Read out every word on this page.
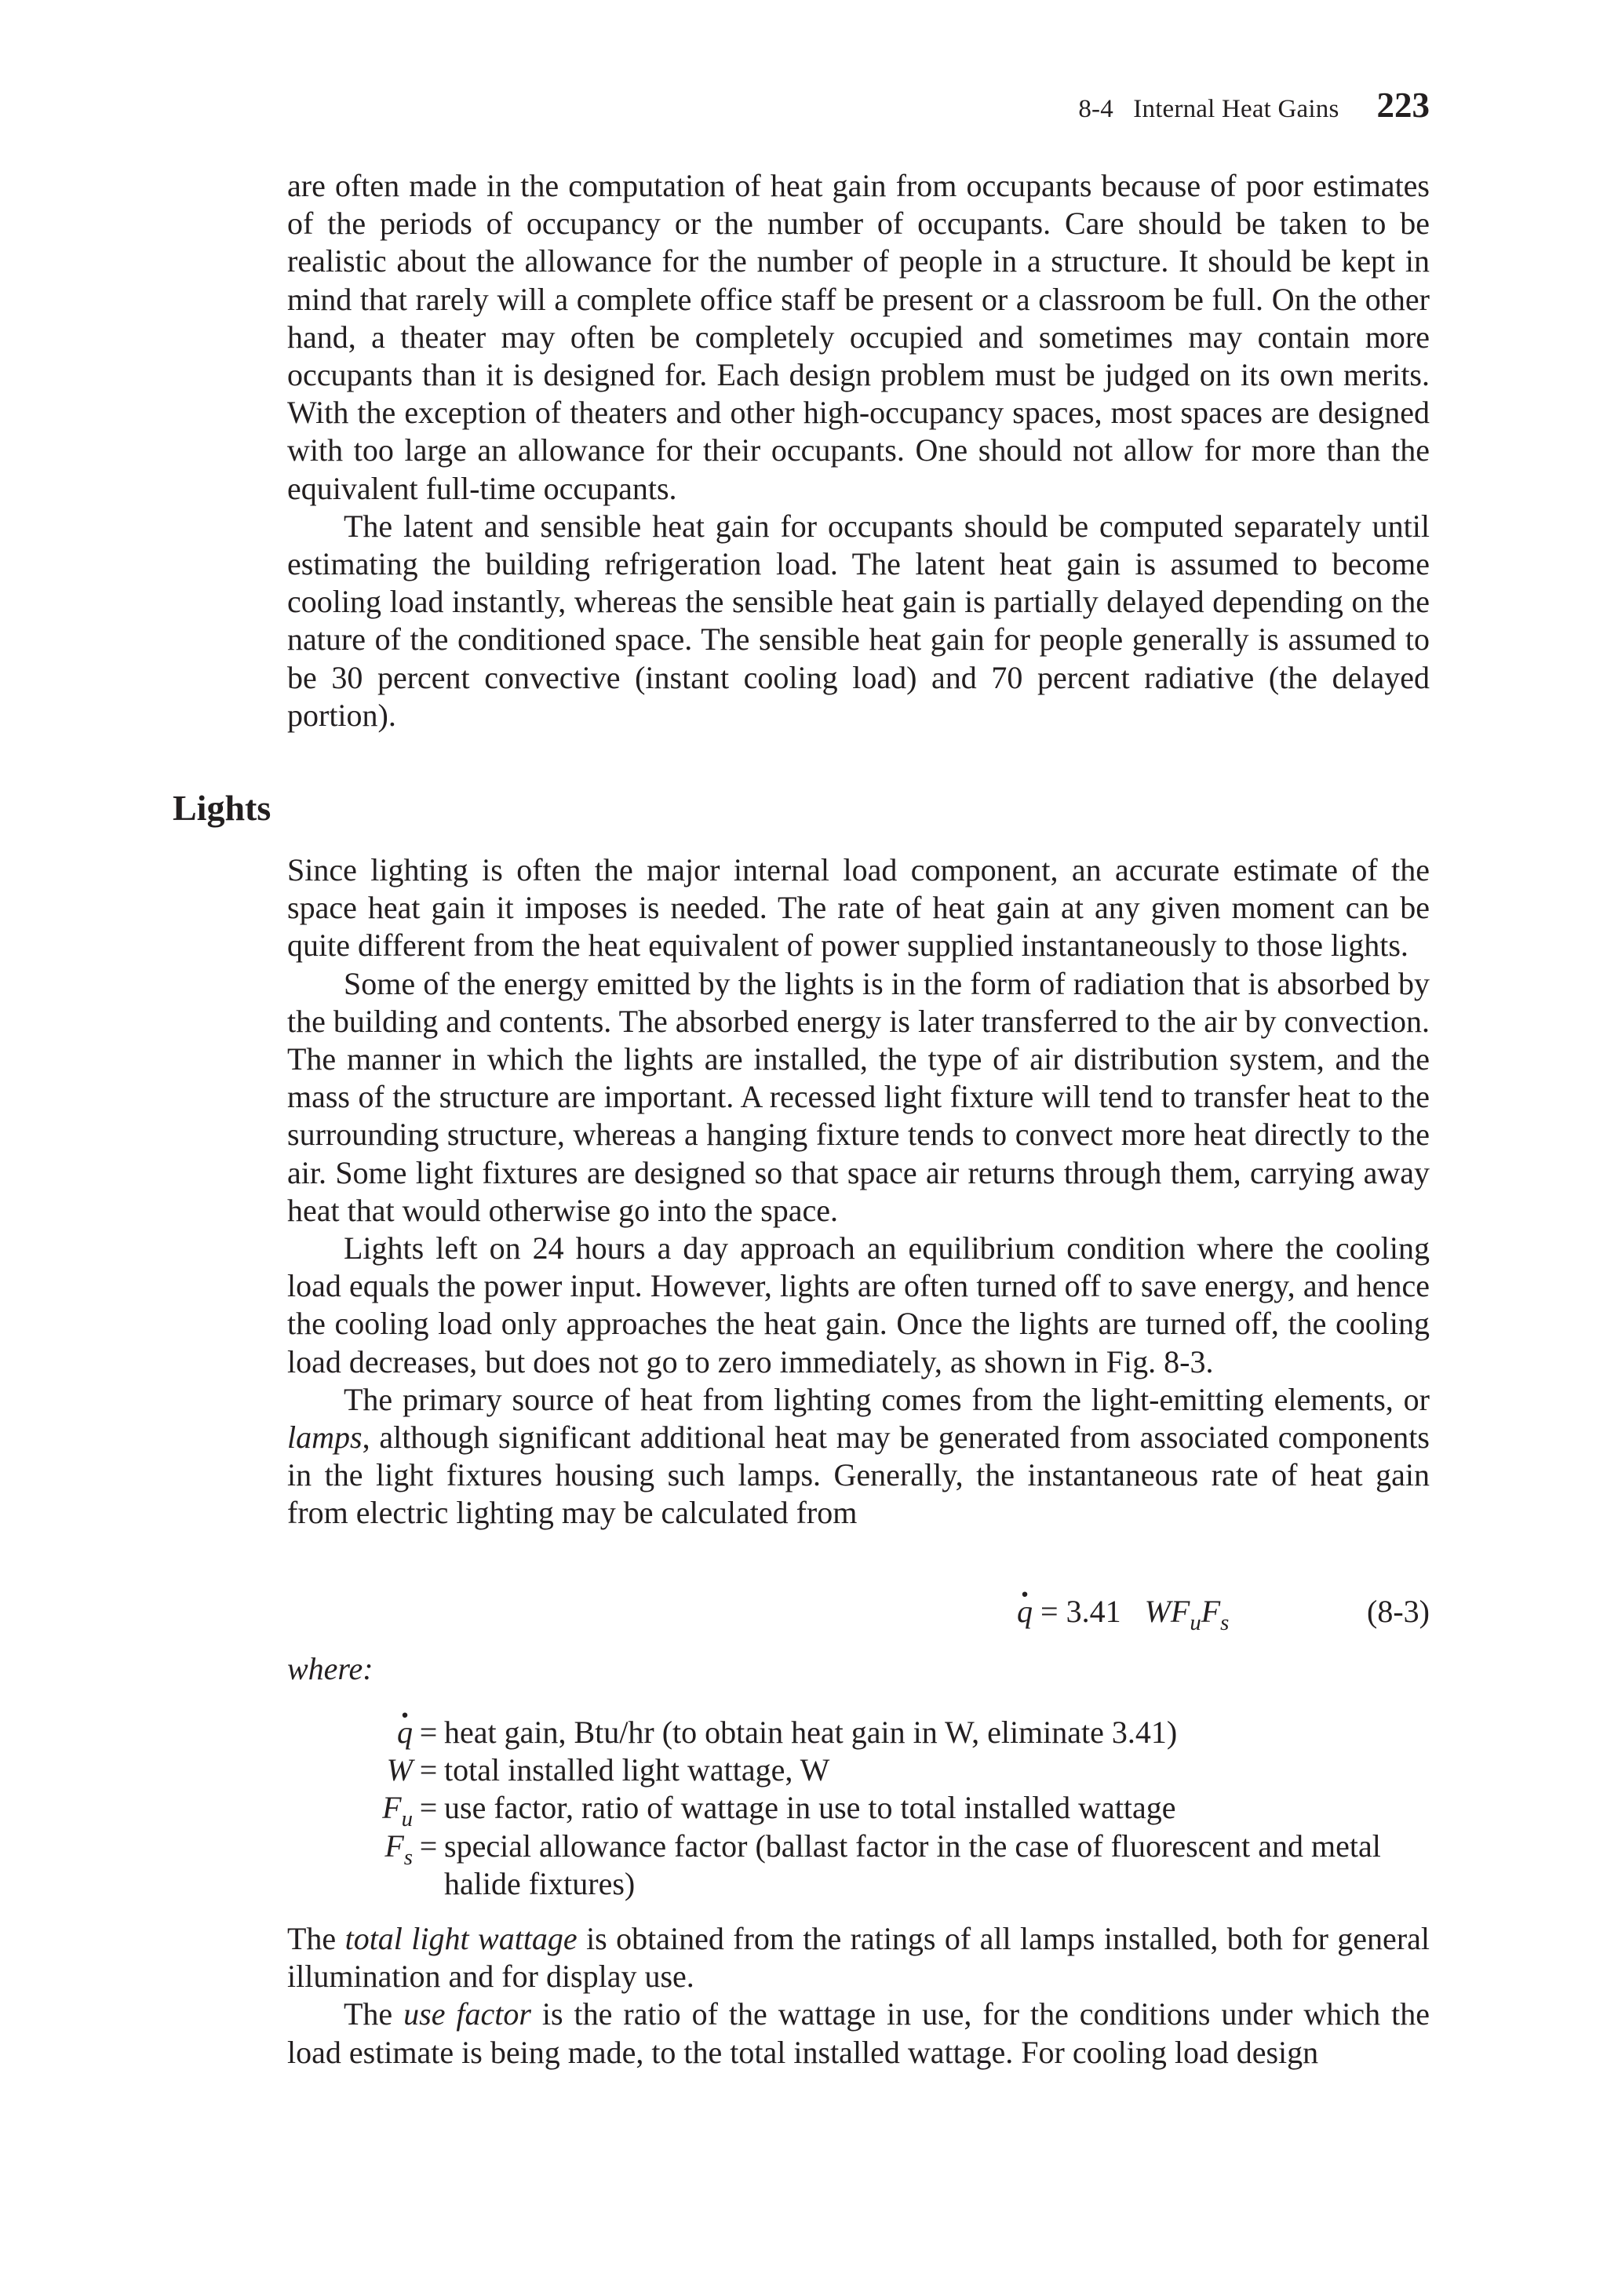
8-4   Internal Heat Gains 223

are often made in the computation of heat gain from occupants because of poor estimates of the periods of occupancy or the number of occupants. Care should be taken to be realistic about the allowance for the number of people in a structure. It should be kept in mind that rarely will a complete office staff be present or a classroom be full. On the other hand, a theater may often be completely occupied and sometimes may contain more occupants than it is designed for. Each design problem must be judged on its own merits. With the exception of theaters and other high-occupancy spaces, most spaces are designed with too large an allowance for their occupants. One should not allow for more than the equivalent full-time occupants.

The latent and sensible heat gain for occupants should be computed separately until estimating the building refrigeration load. The latent heat gain is assumed to become cooling load instantly, whereas the sensible heat gain is partially delayed depending on the nature of the conditioned space. The sensible heat gain for people generally is assumed to be 30 percent convective (instant cooling load) and 70 percent radiative (the delayed portion).

Lights

Since lighting is often the major internal load component, an accurate estimate of the space heat gain it imposes is needed. The rate of heat gain at any given moment can be quite different from the heat equivalent of power supplied instantaneously to those lights.

Some of the energy emitted by the lights is in the form of radiation that is absorbed by the building and contents. The absorbed energy is later transferred to the air by convection. The manner in which the lights are installed, the type of air distribution system, and the mass of the structure are important. A recessed light fixture will tend to transfer heat to the surrounding structure, whereas a hanging fixture tends to convect more heat directly to the air. Some light fixtures are designed so that space air returns through them, carrying away heat that would otherwise go into the space.

Lights left on 24 hours a day approach an equilibrium condition where the cooling load equals the power input. However, lights are often turned off to save energy, and hence the cooling load only approaches the heat gain. Once the lights are turned off, the cooling load decreases, but does not go to zero immediately, as shown in Fig. 8-3.

The primary source of heat from lighting comes from the light-emitting elements, or lamps, although significant additional heat may be generated from associated components in the light fixtures housing such lamps. Generally, the instantaneous rate of heat gain from electric lighting may be calculated from

· q = 3.41 $WF_uF_s$	(8-3)
where:
· q = heat gain, Btu/hr (to obtain heat gain in W, eliminate 3.41)
W = total installed light wattage, W
$F_u$ = use factor, ratio of wattage in use to total installed wattage
$F_s$ = special allowance factor (ballast factor in the case of fluorescent and metal halide fixtures)

The total light wattage is obtained from the ratings of all lamps installed, both for general illumination and for display use.

The use factor is the ratio of the wattage in use, for the conditions under which the load estimate is being made, to the total installed wattage. For cooling load design
